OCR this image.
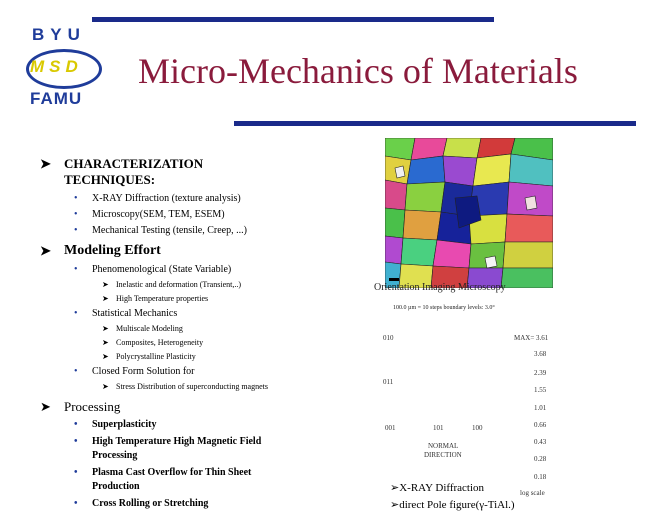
BYU
MSD
FAMU
Micro-Mechanics of Materials
➤ CHARACTERIZATION
TECHNIQUES:
• X-RAY Diffraction (texture analysis)
• Microscopy(SEM, TEM, ESEM)
• Mechanical Testing (tensile, Creep, ...)
➤ Modeling Effort
• Phenomenological (State Variable)
➤ Inelastic and deformation (Transient,..)
➤ High Temperature properties
• Statistical Mechanics
➤ Multiscale Modeling
➤ Composites, Heterogeneity
➤ Polycrystalline Plasticity
• Closed Form Solution for
➤ Stress Distribution of superconducting magnets
➤ Processing
• Superplasticity
• High Temperature High Magnetic Field
Processing
• Plasma Cast Overflow for Thin Sheet
Production
• Cross Rolling or Stretching
Orientation Imaging Microscopy
100.0 µm = 10 steps boundary levels: 3.0°
010
011
001	101	100
NORMAL
DIRECTION
MAX= 3.61
3.68
2.39
1.55
1.01
0.66
0.43
0.28
0.18
log scale
➢X-RAY Diffraction
➢direct Pole figure(γ-TiAl.)
